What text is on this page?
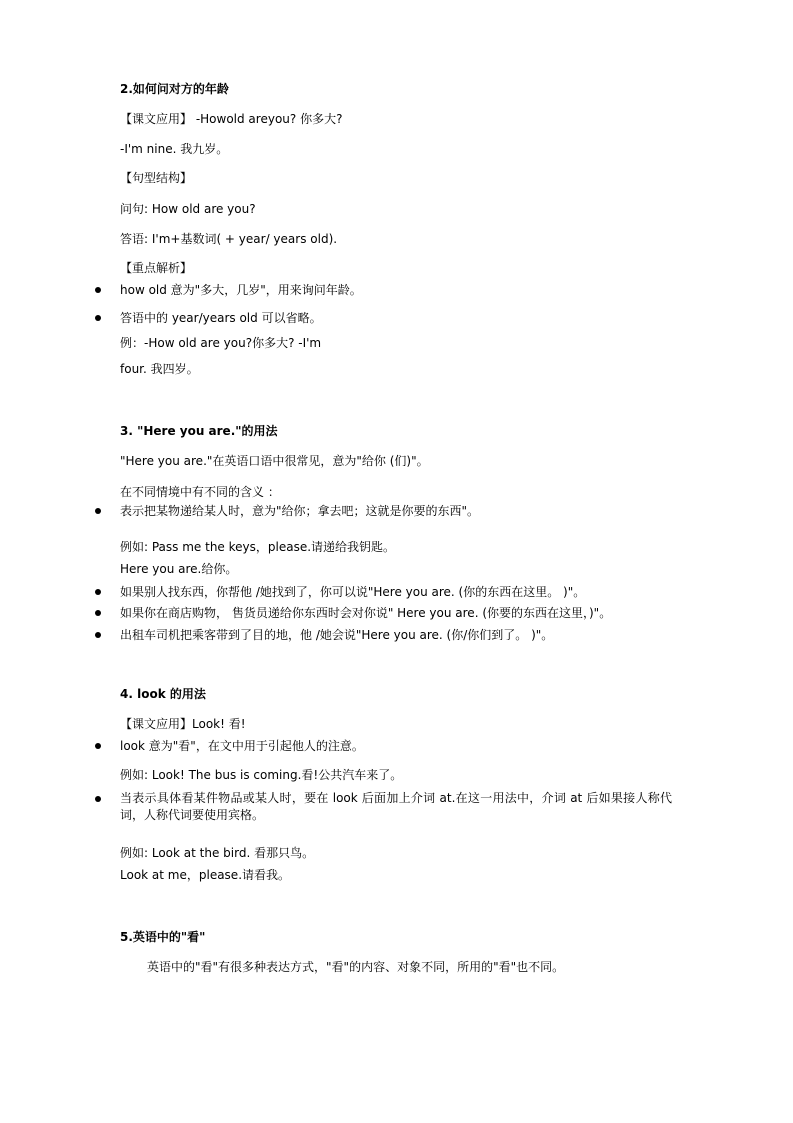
2.如何问对方的年龄
【课文应用】 -Howold areyou? 你多大?
-I'm nine. 我九岁。
【句型结构】
问句: How old are you?
答语: I'm+基数词( + year/ years old).
【重点解析】
how old 意为"多大，几岁"，用来询问年龄。
答语中的 year/years old 可以省略。
例：-How old are you?你多大? -I'm
four. 我四岁。
3. "Here you are."的用法
"Here you are."在英语口语中很常见，意为"给你 (们)"。
在不同情境中有不同的含义 ：
表示把某物递给某人时，意为"给你；拿去吧；这就是你要的东西"。
例如: Pass me the keys，please.请递给我钥匙。
Here you are.给你。
如果别人找东西，你帮他 /她找到了，你可以说"Here you are. (你的东西在这里。 )"。
如果你在商店购物， 售货员递给你东西时会对你说" Here you are. (你要的东西在这里，)"。
出租车司机把乘客带到了目的地，他 /她会说"Here you are. (你/你们到了。 )"。
4. look 的用法
【课文应用】Look! 看!
look 意为"看"，在文中用于引起他人的注意。
例如: Look! The bus is coming.看!公共汽车来了。
当表示具体看某件物品或某人时，要在 look 后面加上介词 at.在这一用法中，介词 at 后如果接人称代词，人称代词要使用宾格。
例如: Look at the bird. 看那只鸟。
Look at me，please.请看我。
5.英语中的"看"
英语中的"看"有很多种表达方式，"看"的内容、对象不同，所用的"看"也不同。
